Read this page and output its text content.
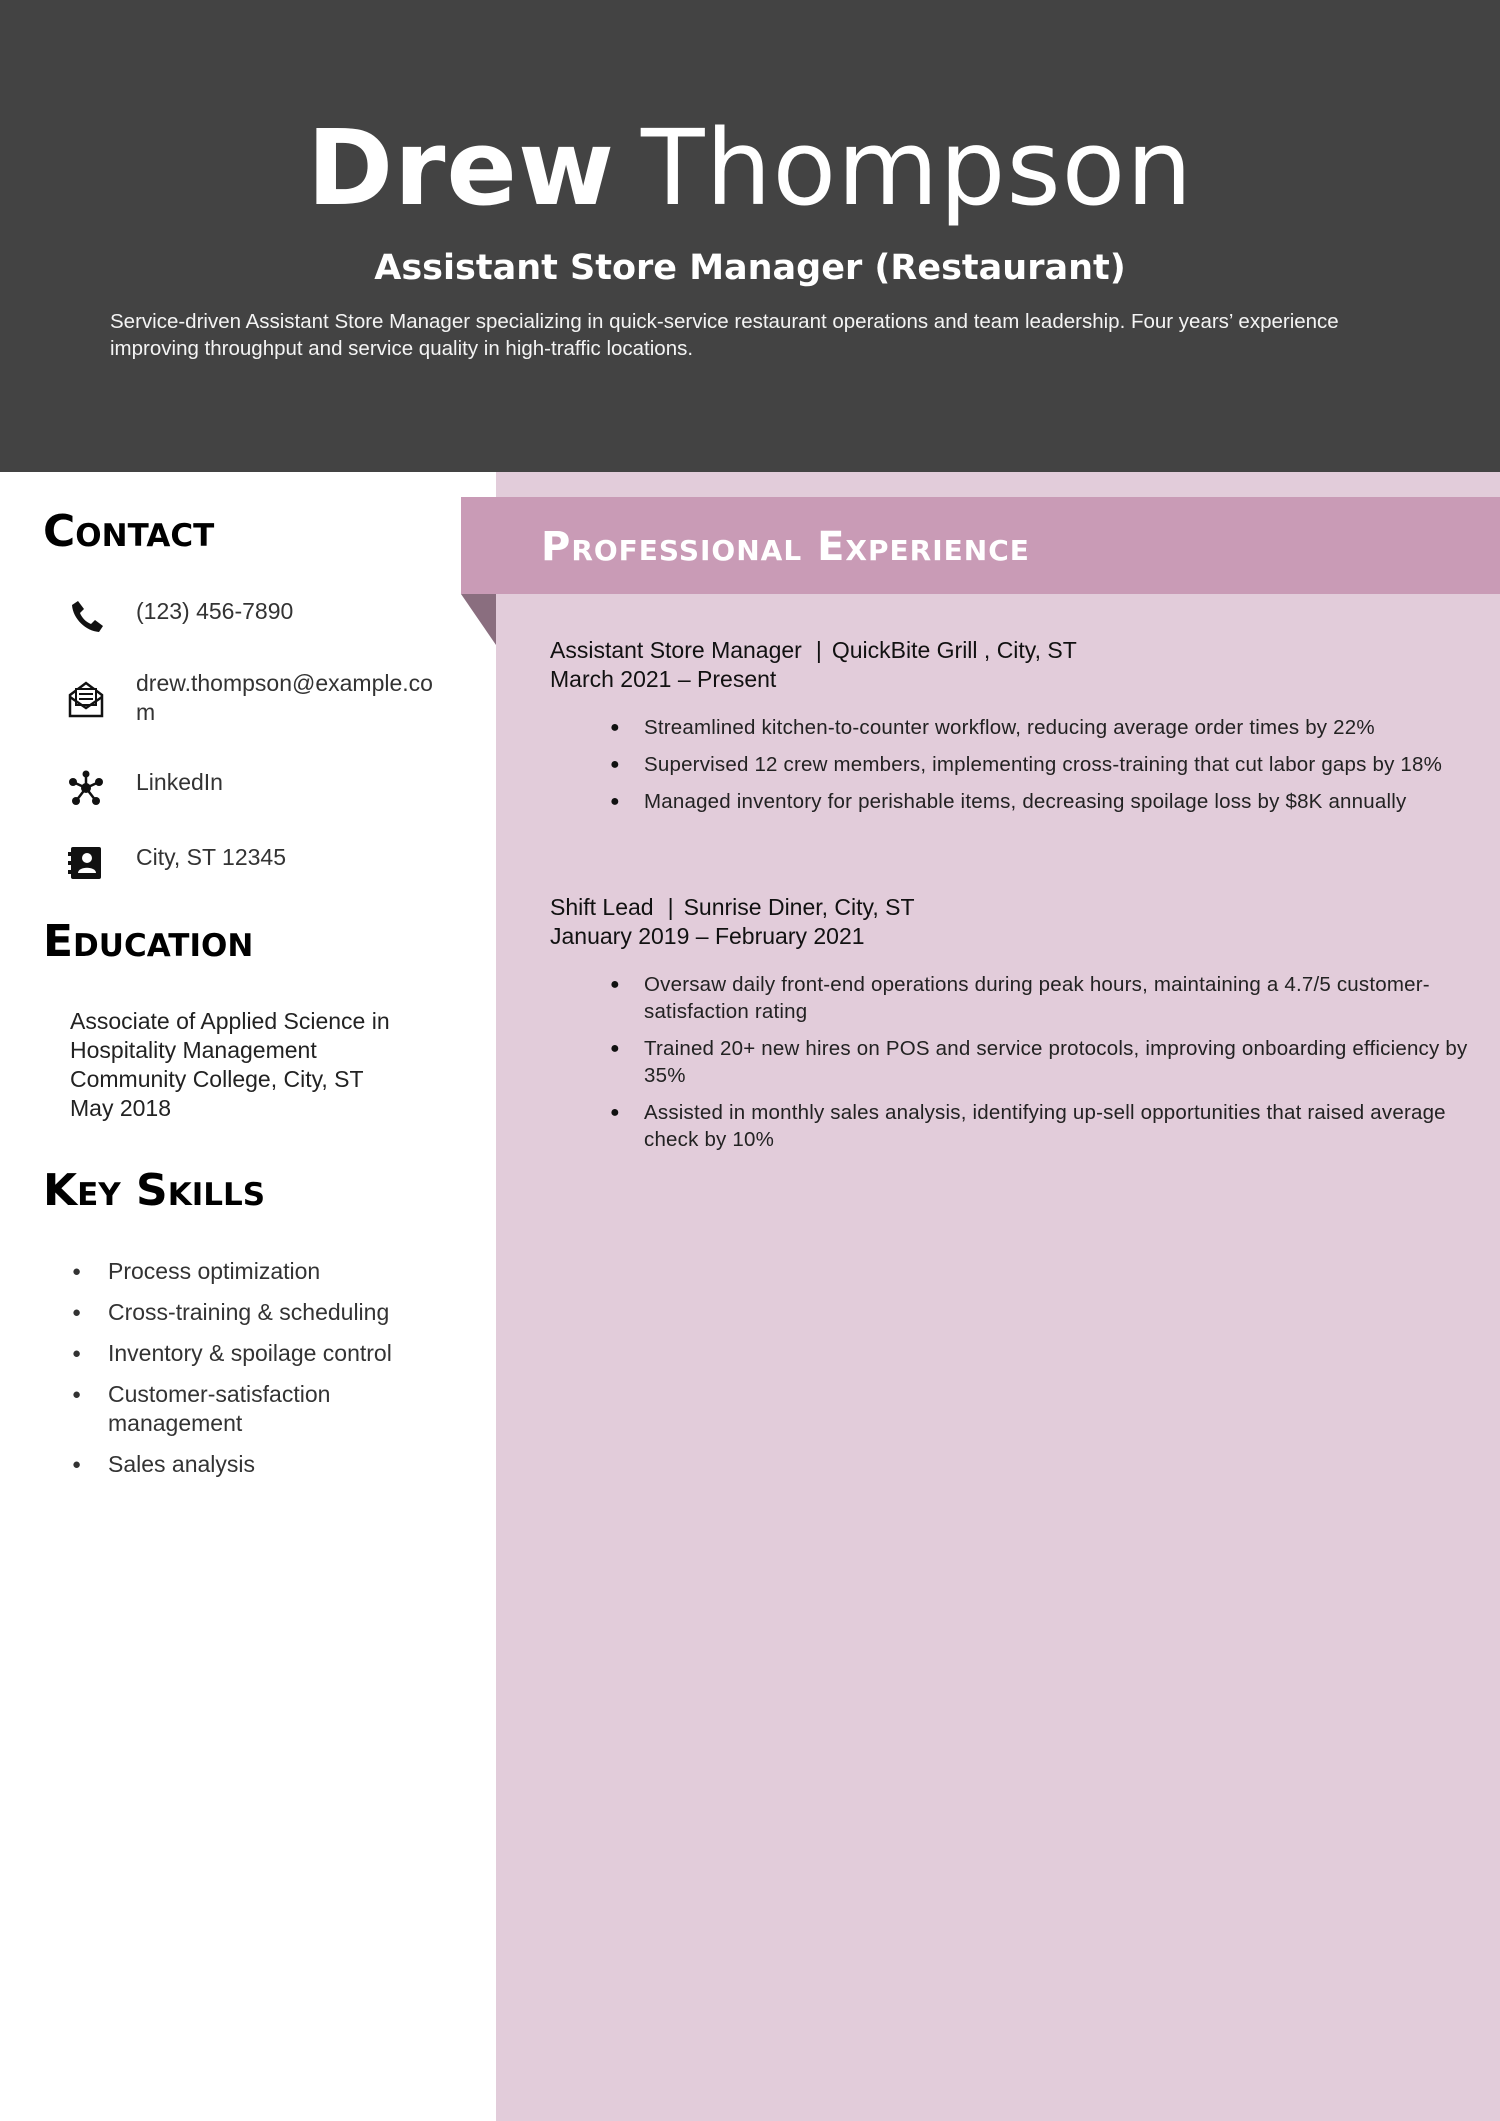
Drew Thompson
Assistant Store Manager (Restaurant)
Service-driven Assistant Store Manager specializing in quick-service restaurant operations and team leadership. Four years’ experience improving throughput and service quality in high-traffic locations.
Professional Experience
Assistant Store Manager | QuickBite Grill , City, ST
March 2021 – Present
● Streamlined kitchen-to-counter workflow, reducing average order times by 22%
● Supervised 12 crew members, implementing cross-training that cut labor gaps by 18%
● Managed inventory for perishable items, decreasing spoilage loss by $8K annually
Shift Lead | Sunrise Diner, City, ST
January 2019 – February 2021
● Oversaw daily front-end operations during peak hours, maintaining a 4.7/5 customer-satisfaction rating
● Trained 20+ new hires on POS and service protocols, improving onboarding efficiency by 35%
● Assisted in monthly sales analysis, identifying up-sell opportunities that raised average check by 10%
Contact
(123) 456-7890
drew.thompson@example.com
LinkedIn
City, ST 12345
Education
Associate of Applied Science in Hospitality Management
Community College, City, ST
May 2018
Key Skills
● Process optimization
● Cross-training & scheduling
● Inventory & spoilage control
● Customer-satisfaction management
● Sales analysis
